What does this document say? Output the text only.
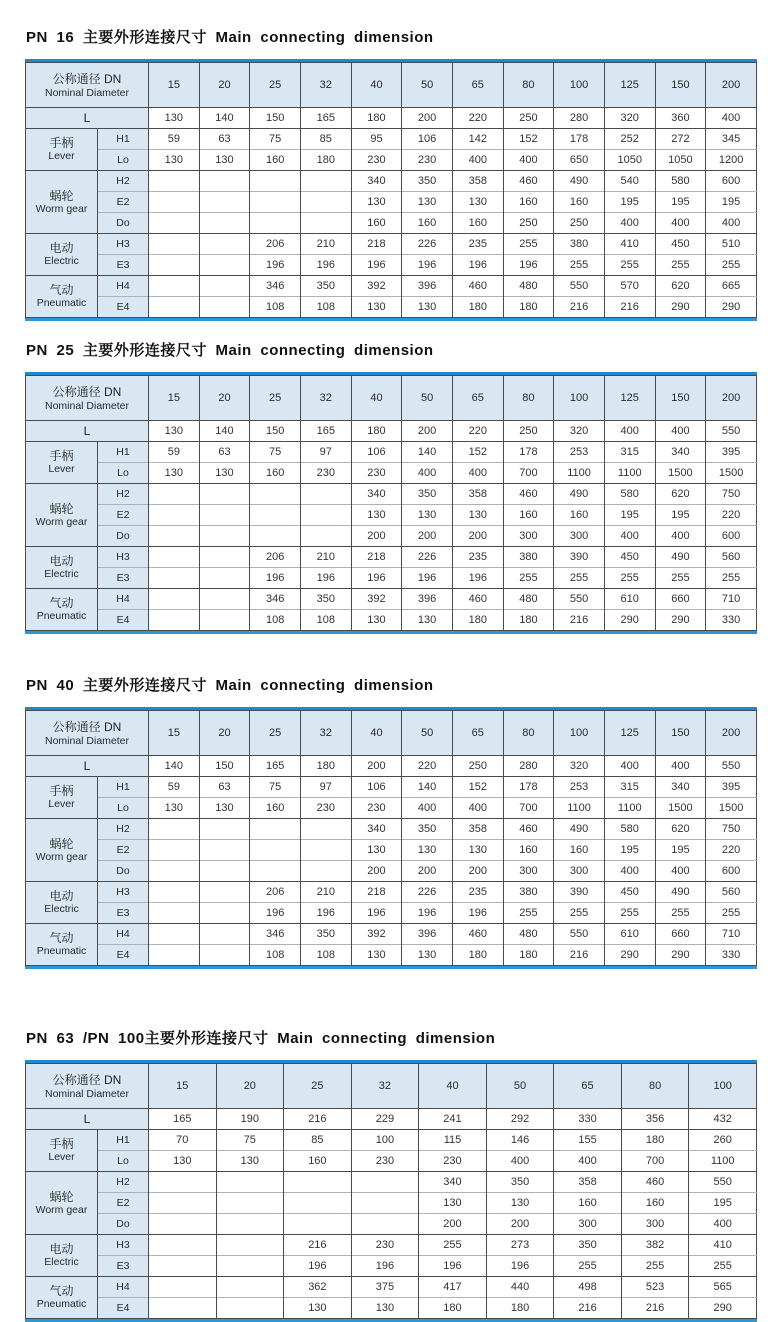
PN 16 主要外形连接尺寸 Main connecting dimension
公称通径 DN
Nominal Diameter		15	20	25	32	40	50	65	80	100	125	150	200
L		130	140	150	165	180	200	220	250	280	320	360	400

手柄
Lever	H1	59	63	75	85	95	106	142	152	178	252	272	345
	Lo	130	130	160	180	230	230	400	400	650	1050	1050	1200

蜗轮
Worm gear	H2					340	350	358	460	490	540	580	600
	E2					130	130	130	160	160	195	195	195
	Do					160	160	160	250	250	400	400	400

电动
Electric	H3			206	210	218	226	235	255	380	410	450	510
	E3			196	196	196	196	196	196	255	255	255	255

气动
Pneumatic	H4			346	350	392	396	460	480	550	570	620	665
	E4			108	108	130	130	180	180	216	216	290	290
PN 25 主要外形连接尺寸 Main connecting dimension
公称通径 DN
Nominal Diameter		15	20	25	32	40	50	65	80	100	125	150	200
L		130	140	150	165	180	200	220	250	320	400	400	550

手柄
Lever	H1	59	63	75	97	106	140	152	178	253	315	340	395
	Lo	130	130	160	230	230	400	400	700	1100	1100	1500	1500

蜗轮
Worm gear	H2					340	350	358	460	490	580	620	750
	E2					130	130	130	160	160	195	195	220
	Do					200	200	200	300	300	400	400	600

电动
Electric	H3			206	210	218	226	235	380	390	450	490	560
	E3			196	196	196	196	196	255	255	255	255	255

气动
Pneumatic	H4			346	350	392	396	460	480	550	610	660	710
	E4			108	108	130	130	180	180	216	290	290	330
PN 40 主要外形连接尺寸 Main connecting dimension
公称通径 DN
Nominal Diameter		15	20	25	32	40	50	65	80	100	125	150	200
L		140	150	165	180	200	220	250	280	320	400	400	550

手柄
Lever	H1	59	63	75	97	106	140	152	178	253	315	340	395
	Lo	130	130	160	230	230	400	400	700	1100	1100	1500	1500

蜗轮
Worm gear	H2					340	350	358	460	490	580	620	750
	E2					130	130	130	160	160	195	195	220
	Do					200	200	200	300	300	400	400	600

电动
Electric	H3			206	210	218	226	235	380	390	450	490	560
	E3			196	196	196	196	196	255	255	255	255	255

气动
Pneumatic	H4			346	350	392	396	460	480	550	610	660	710
	E4			108	108	130	130	180	180	216	290	290	330
PN 63 /PN 100主要外形连接尺寸 Main connecting dimension
公称通径 DN
Nominal Diameter		15	20	25	32	40	50	65	80	100
L		165	190	216	229	241	292	330	356	432

手柄
Lever	H1	70	75	85	100	115	146	155	180	260
	Lo	130	130	160	230	230	400	400	700	1100

蜗轮
Worm gear	H2					340	350	358	460	550
	E2					130	130	160	160	195
	Do					200	200	300	300	400

电动
Electric	H3			216	230	255	273	350	382	410
	E3			196	196	196	196	255	255	255

气动
Pneumatic	H4			362	375	417	440	498	523	565
	E4			130	130	180	180	216	216	290
